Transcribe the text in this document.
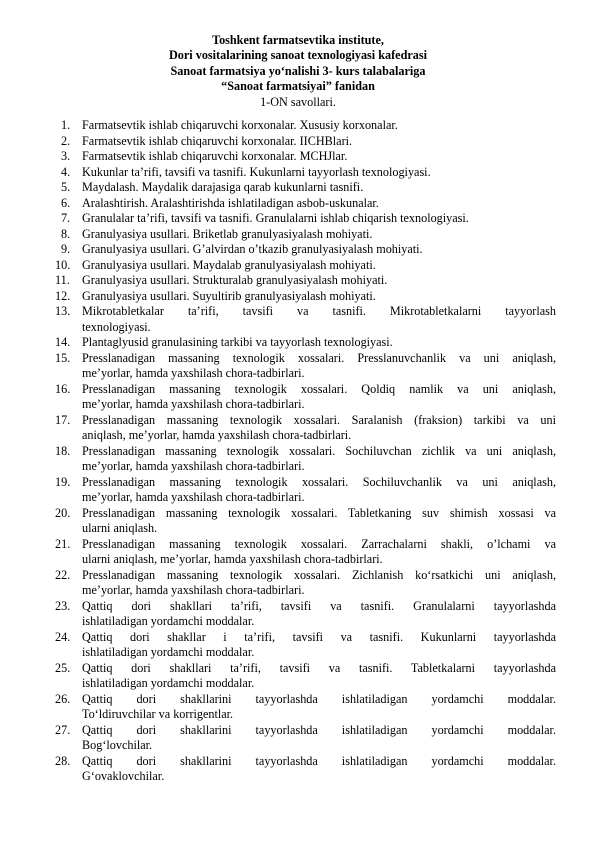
Toshkent farmatsevtika institute,
Dori vositalarining sanoat texnologiyasi kafedrasi
Sanoat farmatsiya yo‘nalishi 3- kurs talabalariga
“Sanoat farmatsiyai” fanidan
1-ON savollari.
1. Farmatsevtik ishlab chiqaruvchi korxonalar. Xususiy korxonalar.
2. Farmatsevtik ishlab chiqaruvchi korxonalar. IICHBlari.
3. Farmatsevtik ishlab chiqaruvchi korxonalar. MCHJlar.
4. Kukunlar ta’rifi, tavsifi va tasnifi. Kukunlarni tayyorlash texnologiyasi.
5. Maydalash. Maydalik darajasiga qarab kukunlarni tasnifi.
6. Aralashtirish. Aralashtirishda ishlatiladigan asbob-uskunalar.
7. Granulalar ta’rifi, tavsifi va tasnifi. Granulalarni ishlab chiqarish texnologiyasi.
8. Granulyasiya usullari. Briketlab granulyasiyalash mohiyati.
9. Granulyasiya usullari. G’alvirdan o’tkazib granulyasiyalash mohiyati.
10. Granulyasiya usullari. Maydalab granulyasiyalash mohiyati.
11. Granulyasiya usullari. Strukturalab granulyasiyalash mohiyati.
12. Granulyasiya usullari. Suyultirib granulyasiyalash mohiyati.
13. Mikrotabletkalar ta’rifi, tavsifi va tasnifi. Mikrotabletkalarni tayyorlash
texnologiyasi.
14. Plantaglyusid granulasining tarkibi va tayyorlash texnologiyasi.
15. Presslanadigan massaning texnologik xossalari. Presslanuvchanlik va uni aniqlash,
me’yorlar, hamda yaxshilash chora-tadbirlari.
16. Presslanadigan massaning texnologik xossalari. Qoldiq namlik va uni aniqlash,
me’yorlar, hamda yaxshilash chora-tadbirlari.
17. Presslanadigan massaning texnologik xossalari. Saralanish (fraksion) tarkibi va uni
aniqlash, me’yorlar, hamda yaxshilash chora-tadbirlari.
18. Presslanadigan massaning texnologik xossalari. Sochiluvchan zichlik va uni aniqlash,
me’yorlar, hamda yaxshilash chora-tadbirlari.
19. Presslanadigan massaning texnologik xossalari. Sochiluvchanlik va uni aniqlash,
me’yorlar, hamda yaxshilash chora-tadbirlari.
20. Presslanadigan massaning texnologik xossalari. Tabletkaning suv shimish xossasi va
ularni aniqlash.
21. Presslanadigan massaning texnologik xossalari. Zarrachalarni shakli, o’lchami va
ularni aniqlash, me’yorlar, hamda yaxshilash chora-tadbirlari.
22. Presslanadigan massaning texnologik xossalari. Zichlanish ko‘rsatkichi uni aniqlash,
me’yorlar, hamda yaxshilash chora-tadbirlari.
23. Qattiq dori shakllari ta’rifi, tavsifi va tasnifi. Granulalarni tayyorlashda
ishlatiladigan yordamchi moddalar.
24. Qattiq dori shakllar i ta’rifi, tavsifi va tasnifi. Kukunlarni tayyorlashda
ishlatiladigan yordamchi moddalar.
25. Qattiq dori shakllari ta’rifi, tavsifi va tasnifi. Tabletkalarni tayyorlashda
ishlatiladigan yordamchi moddalar.
26. Qattiq dori shakllarini tayyorlashda ishlatiladigan yordamchi moddalar.
To‘ldiruvchilar va korrigentlar.
27. Qattiq dori shakllarini tayyorlashda ishlatiladigan yordamchi moddalar.
Bog‘lovchilar.
28. Qattiq dori shakllarini tayyorlashda ishlatiladigan yordamchi moddalar.
G‘ovaklovchilar.
